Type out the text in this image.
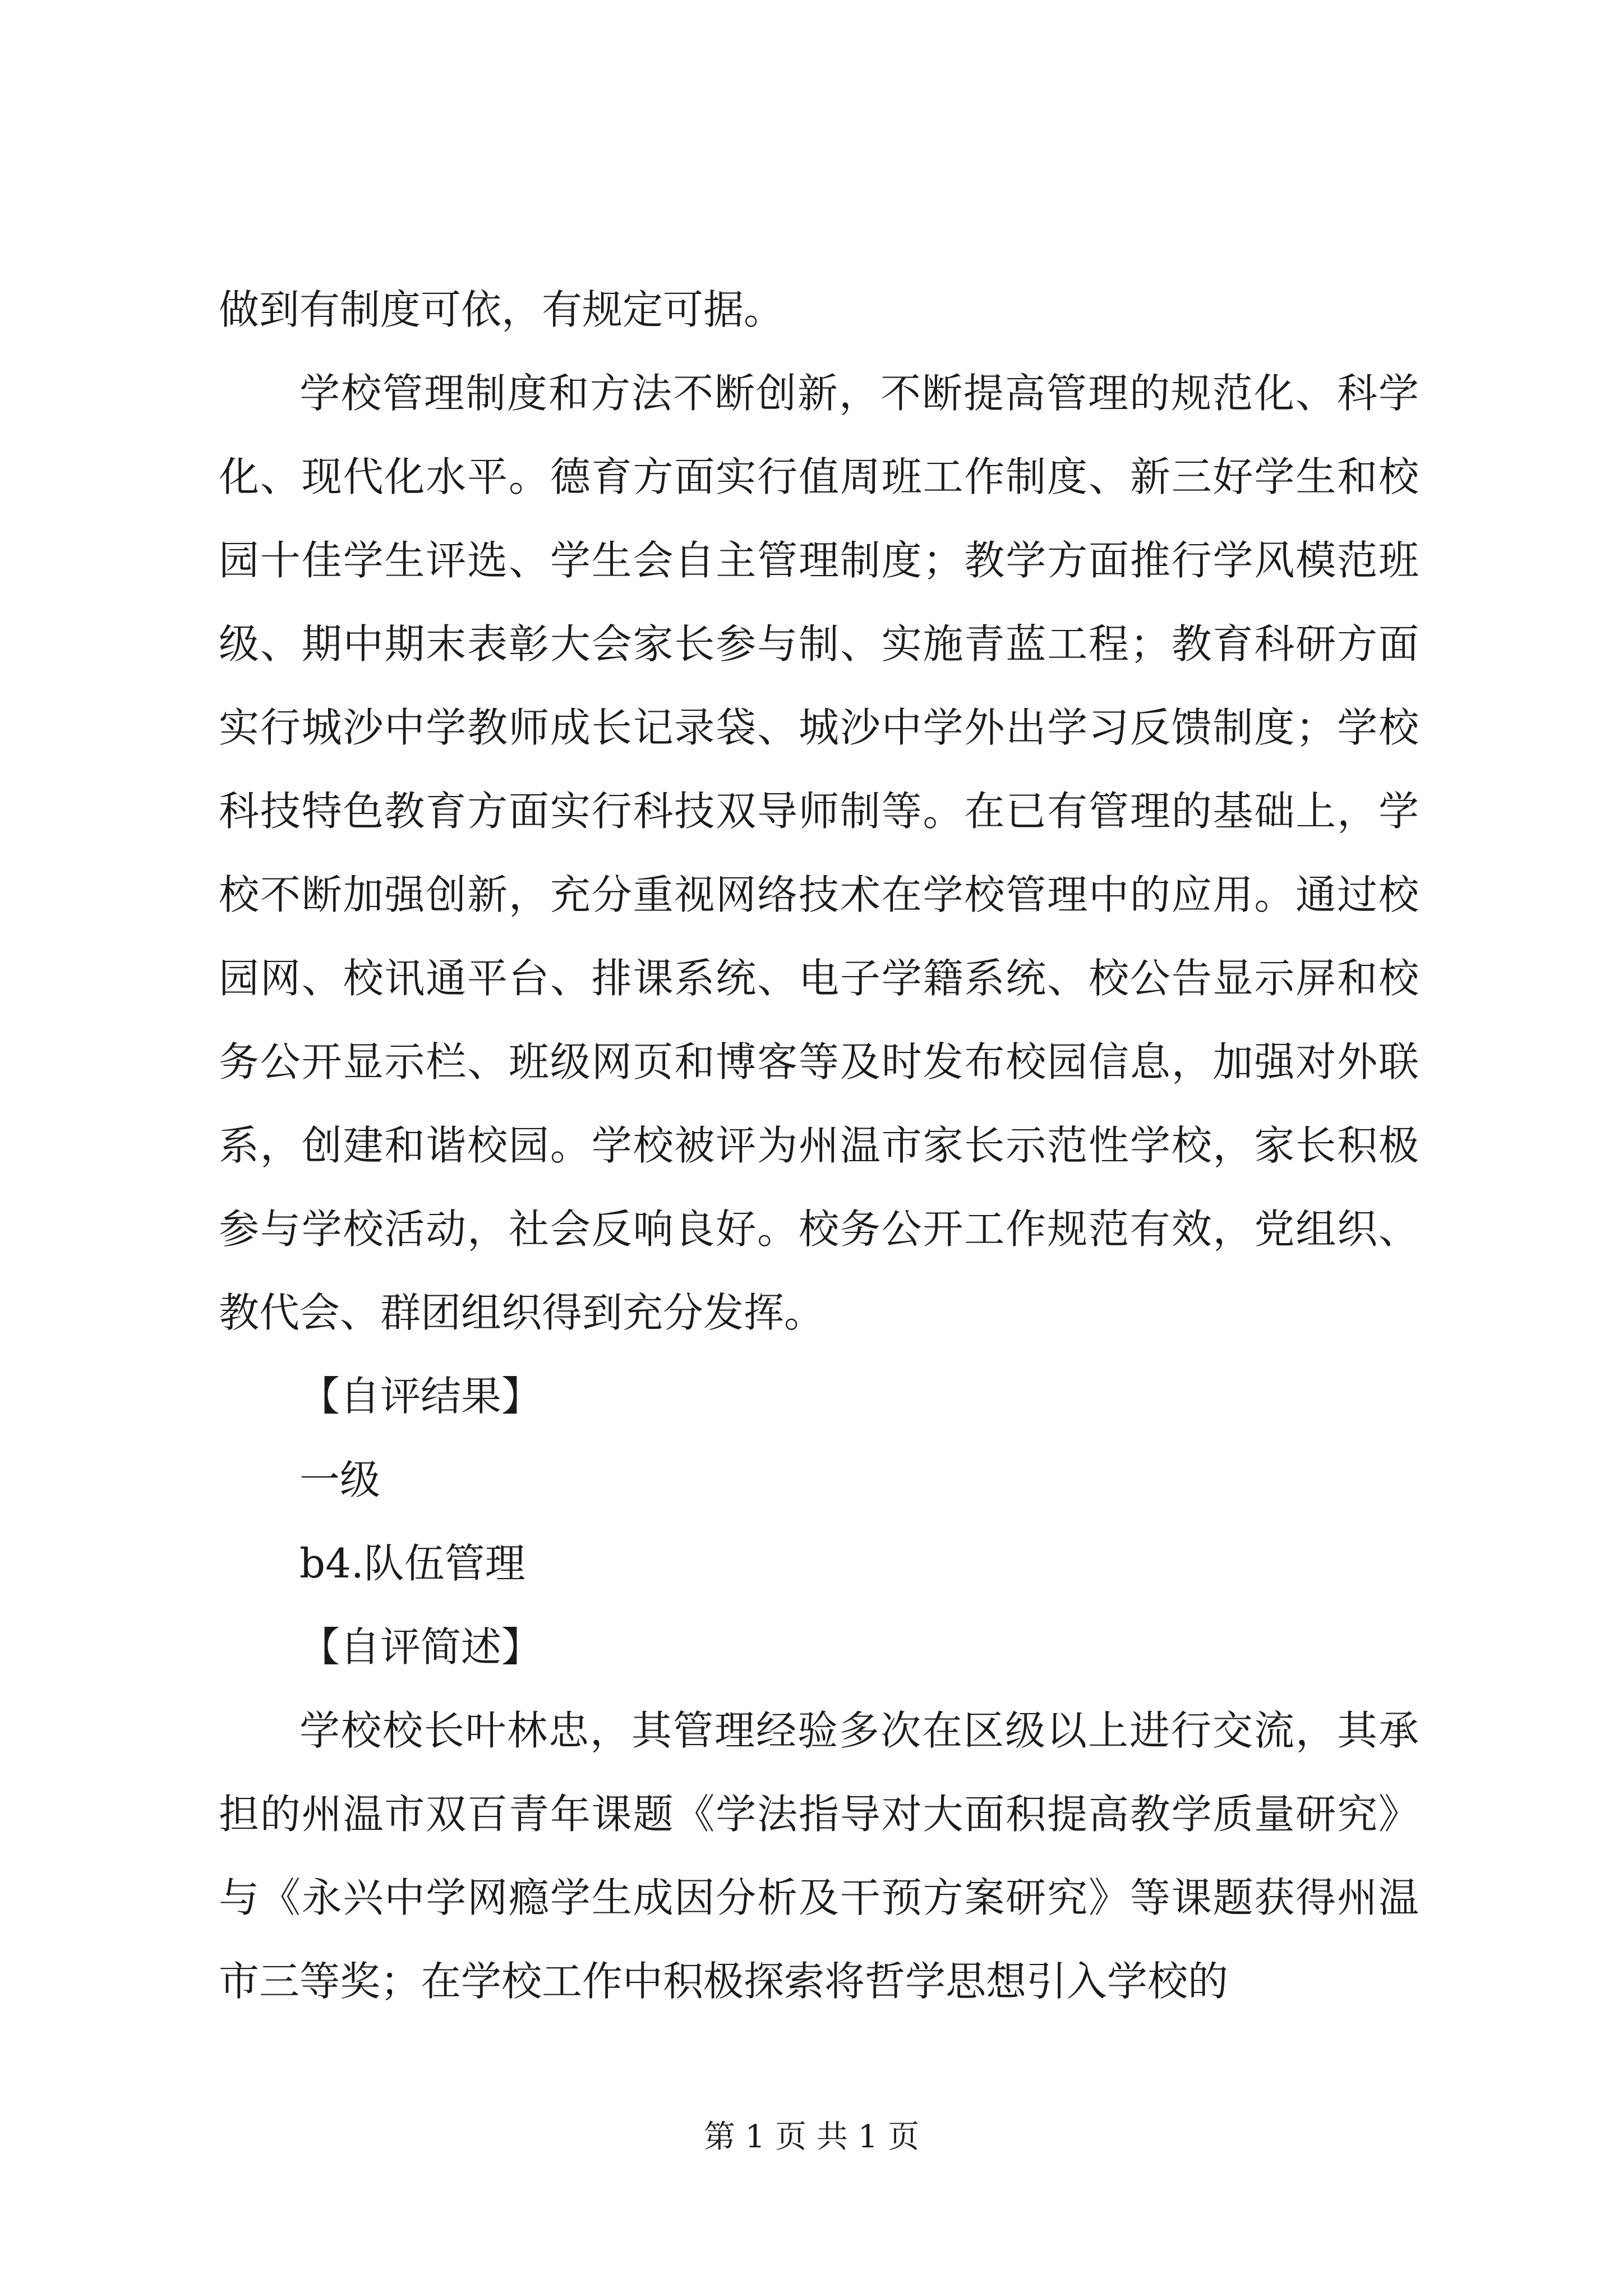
做到有制度可依，有规定可据。

学校管理制度和方法不断创新，不断提高管理的规范化、科学化、现代化水平。德育方面实行值周班工作制度、新三好学生和校园十佳学生评选、学生会自主管理制度；教学方面推行学风模范班级、期中期末表彰大会家长参与制、实施青蓝工程；教育科研方面实行城沙中学教师成长记录袋、城沙中学外出学习反馈制度；学校科技特色教育方面实行科技双导师制等。在已有管理的基础上，学校不断加强创新，充分重视网络技术在学校管理中的应用。通过校园网、校讯通平台、排课系统、电子学籍系统、校公告显示屏和校务公开显示栏、班级网页和博客等及时发布校园信息，加强对外联系，创建和谐校园。学校被评为州温市家长示范性学校，家长积极参与学校活动，社会反响良好。校务公开工作规范有效，党组织、教代会、群团组织得到充分发挥。

【自评结果】

一级

b4.队伍管理

【自评简述】

学校校长叶林忠，其管理经验多次在区级以上进行交流，其承担的州温市双百青年课题《学法指导对大面积提高教学质量研究》与《永兴中学网瘾学生成因分析及干预方案研究》等课题获得州温市三等奖；在学校工作中积极探索将哲学思想引入学校的

第 1 页 共 1 页
